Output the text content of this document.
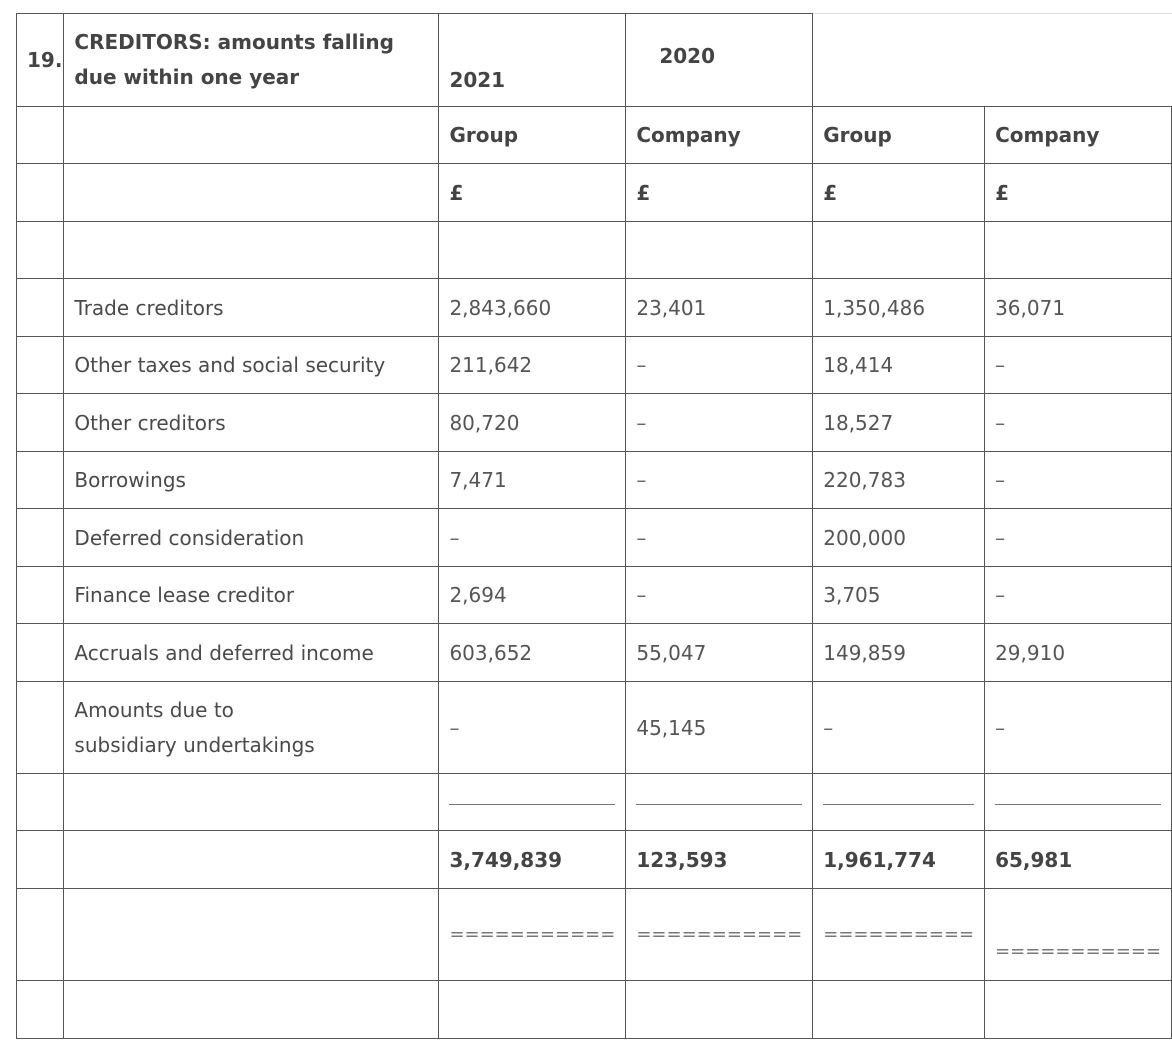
19.	CREDITORS: amounts falling due within one year	2021	2020		
		Group	Company	Group	Company
		£	£	£	£

	Trade creditors	2,843,660	23,401	1,350,486	36,071
	Other taxes and social security	211,642	–	18,414	–
	Other creditors	80,720	–	18,527	–
	Borrowings	7,471	–	220,783	–
	Deferred consideration	–	–	200,000	–
	Finance lease creditor	2,694	–	3,705	–
	Accruals and deferred income	603,652	55,047	149,859	29,910
	Amounts due to subsidiary undertakings	–	45,145	–	–

		3,749,839	123,593	1,961,774	65,981
		===========	===========	==========	===========
